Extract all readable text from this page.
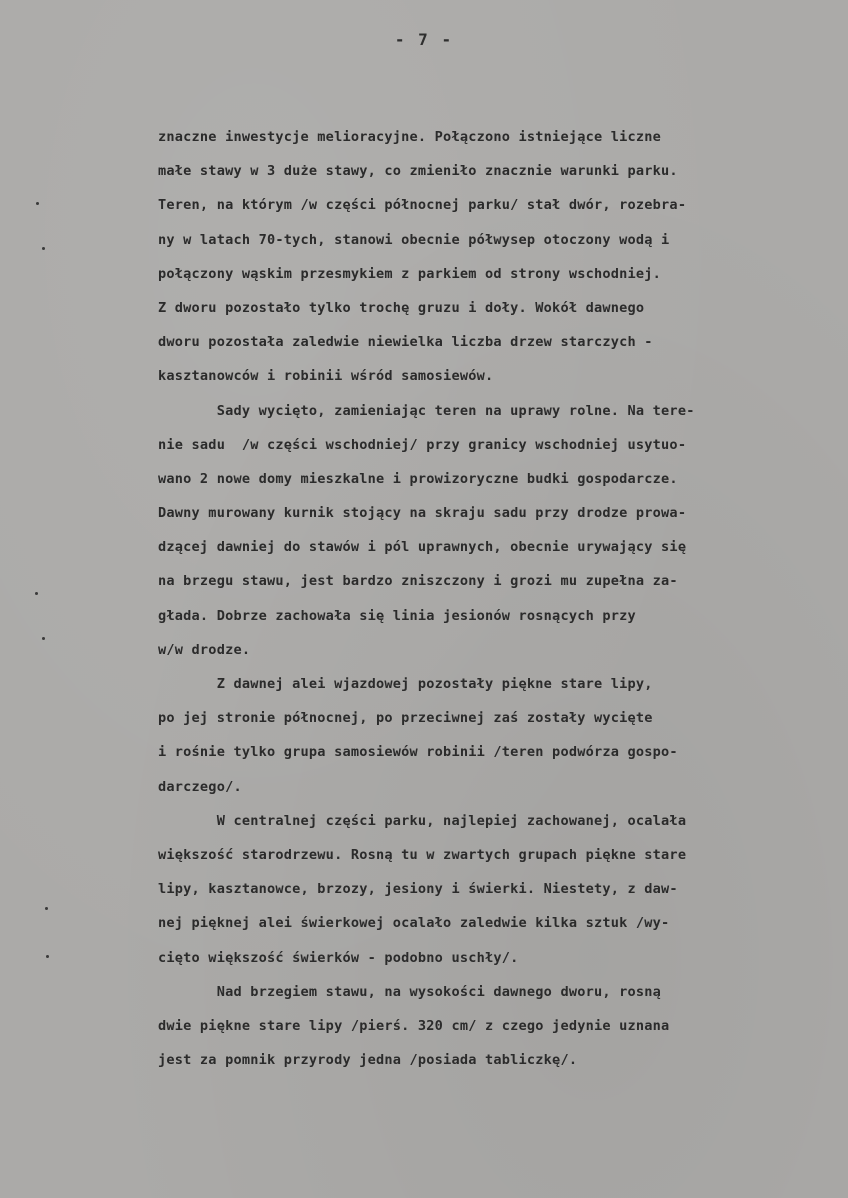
- 7 -
znaczne inwestycje melioracyjne. Połączono istniejące liczne
małe stawy w 3 duże stawy, co zmieniło znacznie warunki parku.
Teren, na którym /w części północnej parku/ stał dwór, rozebra-
ny w latach 70-tych, stanowi obecnie półwysep otoczony wodą i
połączony wąskim przesmykiem z parkiem od strony wschodniej.
Z dworu pozostało tylko trochę gruzu i doły. Wokół dawnego
dworu pozostała zaledwie niewielka liczba drzew starczych -
kasztanowców i robinii wśród samosiewów.
Sady wycięto, zamieniając teren na uprawy rolne. Na tere-
nie sadu  /w części wschodniej/ przy granicy wschodniej usytuo-
wano 2 nowe domy mieszkalne i prowizoryczne budki gospodarcze.
Dawny murowany kurnik stojący na skraju sadu przy drodze prowa-
dzącej dawniej do stawów i pól uprawnych, obecnie urywający się
na brzegu stawu, jest bardzo zniszczony i grozi mu zupełna za-
głada. Dobrze zachowała się linia jesionów rosnących przy
w/w drodze.
Z dawnej alei wjazdowej pozostały piękne stare lipy,
po jej stronie północnej, po przeciwnej zaś zostały wycięte
i rośnie tylko grupa samosiewów robinii /teren podwórza gospo-
darczego/.
W centralnej części parku, najlepiej zachowanej, ocalała
większość starodrzewu. Rosną tu w zwartych grupach piękne stare
lipy, kasztanowce, brzozy, jesiony i świerki. Niestety, z daw-
nej pięknej alei świerkowej ocalało zaledwie kilka sztuk /wy-
cięto większość świerków - podobno uschły/.
Nad brzegiem stawu, na wysokości dawnego dworu, rosną
dwie piękne stare lipy /pierś. 320 cm/ z czego jedynie uznana
jest za pomnik przyrody jedna /posiada tabliczkę/.
